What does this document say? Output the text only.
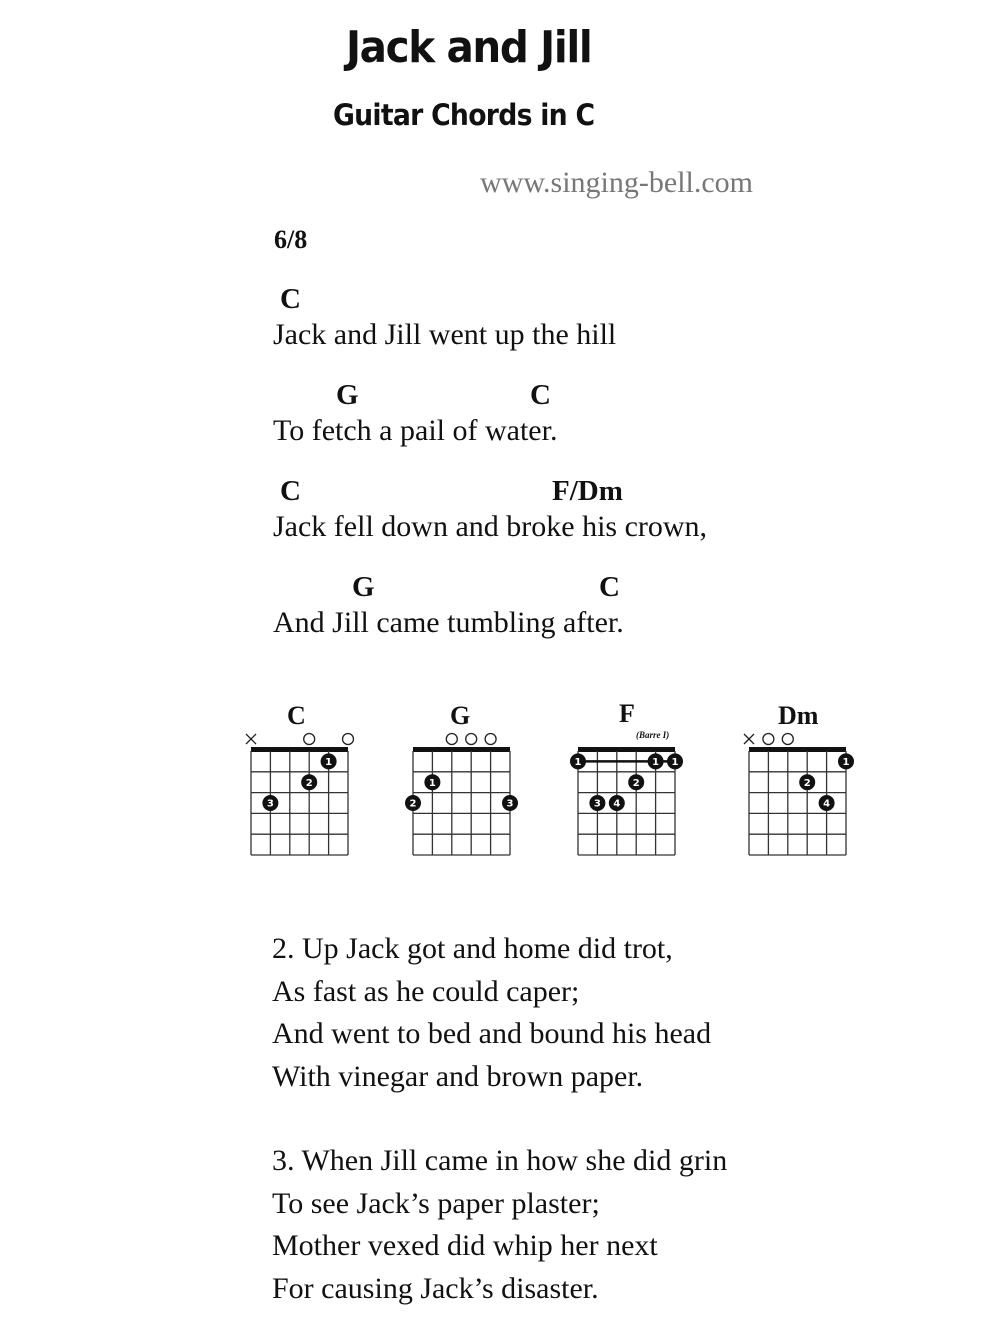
Jack and Jill
Guitar Chords in C
www.singing-bell.com
6/8
C
Jack and Jill went up the hill
G	C
To fetch a pail of water.
C	F/Dm
Jack fell down and broke his crown,
G	C
And Jill came tumbling after.
C	G	F
(Barre I)
Dm
1
2
3
1
2	3
1	1 1
2
3 4
1
2
4
2. Up Jack got and home did trot,
As fast as he could caper;
And went to bed and bound his head
With vinegar and brown paper.
3. When Jill came in how she did grin
To see Jack’s paper plaster;
Mother vexed did whip her next
For causing Jack’s disaster.
